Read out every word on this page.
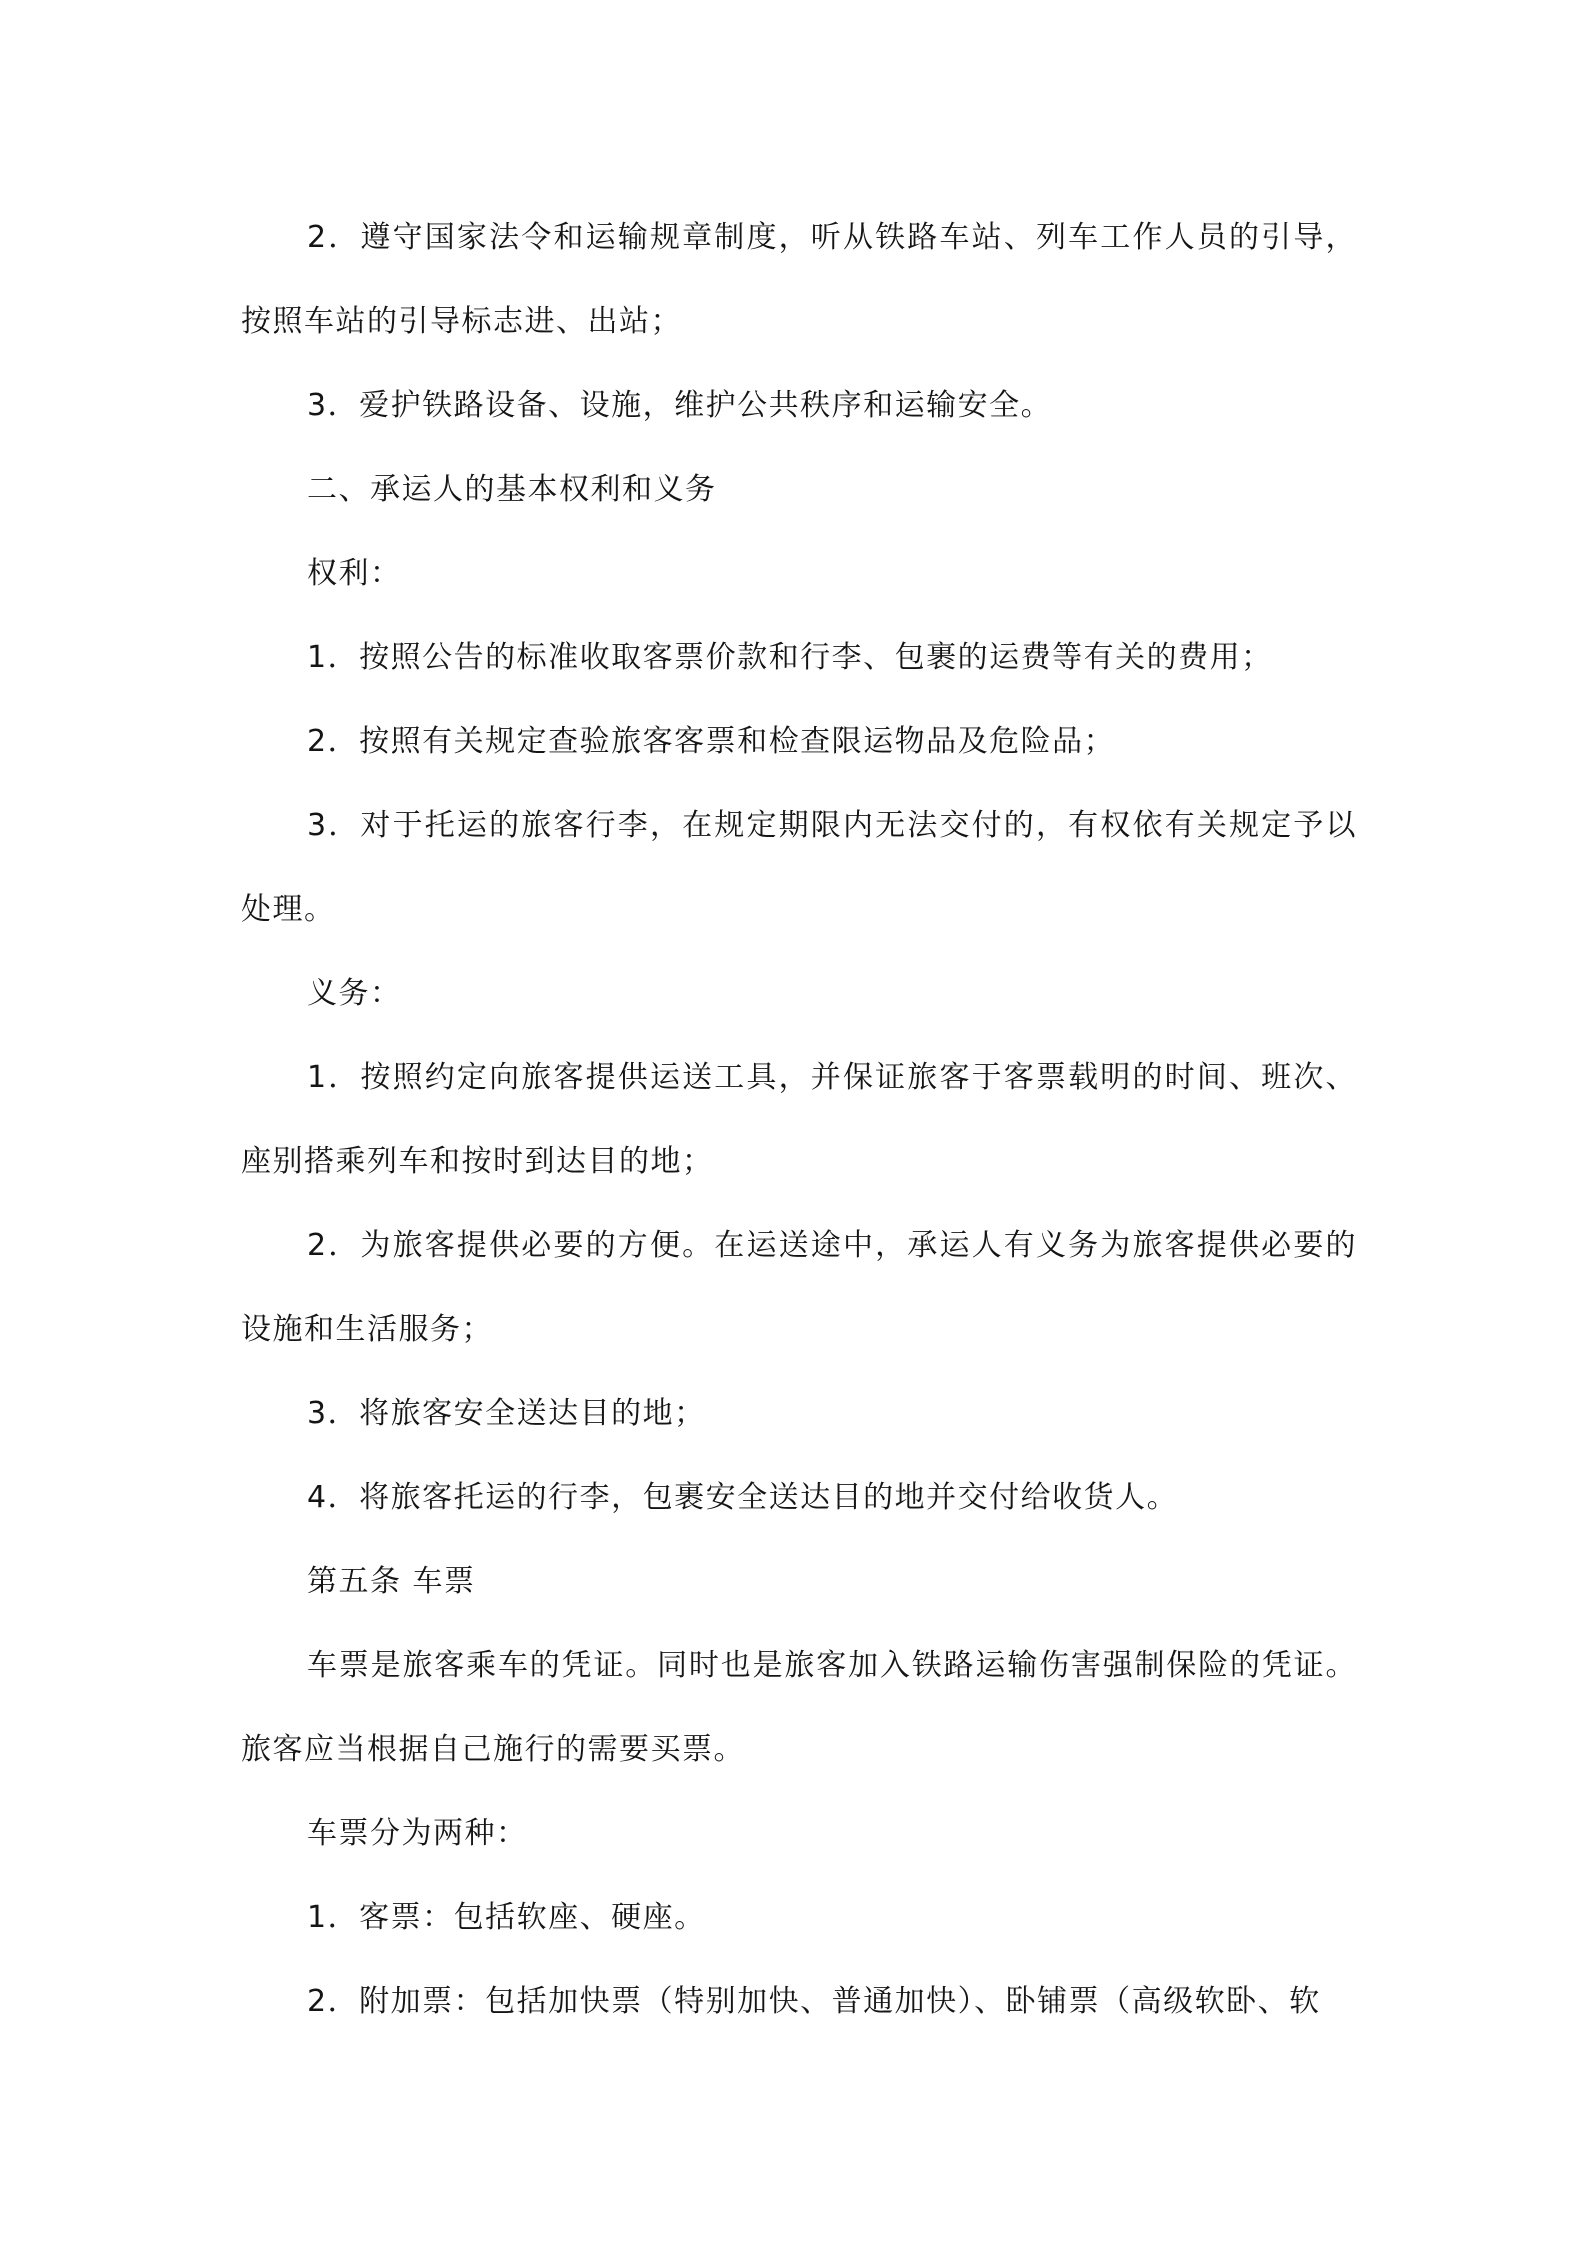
2．遵守国家法令和运输规章制度，听从铁路车站、列车工作人员的引导，按照车站的引导标志进、出站；

3．爱护铁路设备、设施，维护公共秩序和运输安全。

二、承运人的基本权利和义务

权利：

1．按照公告的标准收取客票价款和行李、包裹的运费等有关的费用；

2．按照有关规定查验旅客客票和检查限运物品及危险品；

3．对于托运的旅客行李，在规定期限内无法交付的，有权依有关规定予以处理。

义务：

1．按照约定向旅客提供运送工具，并保证旅客于客票载明的时间、班次、座别搭乘列车和按时到达目的地；

2．为旅客提供必要的方便。在运送途中，承运人有义务为旅客提供必要的设施和生活服务；

3．将旅客安全送达目的地；

4．将旅客托运的行李，包裹安全送达目的地并交付给收货人。

第五条 车票

车票是旅客乘车的凭证。同时也是旅客加入铁路运输伤害强制保险的凭证。旅客应当根据自己施行的需要买票。

车票分为两种：

1．客票：包括软座、硬座。

2．附加票：包括加快票（特别加快、普通加快）、卧铺票（高级软卧、软
